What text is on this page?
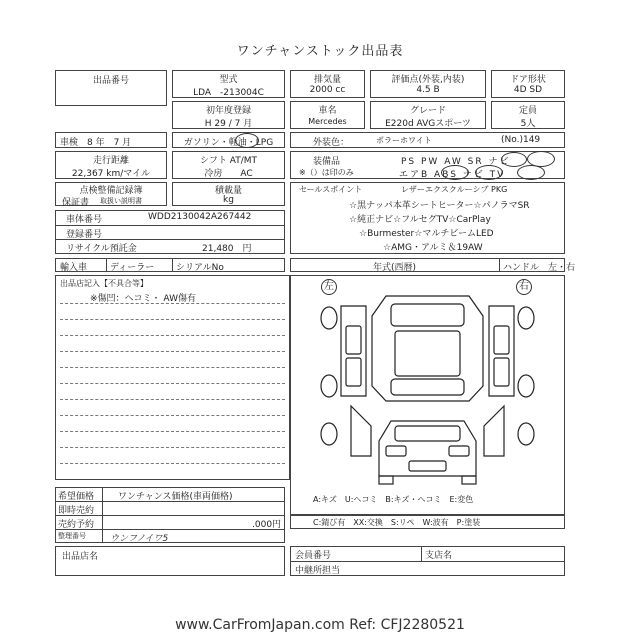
ワンチャンストック出品表
出品番号	型式
LDA　-213004C
排気量
2000 cc
評価点(外装,内装)
4.5 B
ドア形状
4D SD
初年度登録
H 29 / 7 月
車名
Mercedes
グレード
E220d AVGスポーツ
定員
5人
車検　8 年　7 月	ガソリン・軽油・LPG	外装色：	ポラーホワイト	(No.)149
走行距離
22,367 km/マイル
シフト AT/MT
冷房　　AC
装備品
※（）は印のみ
PS PW AW SR ナビ
エアB ABS ナビ TV
点検整備記録簿
保証書 取扱い説明書
積載量
kg
セールスポイント	レザーエクスクルーシブ PKG
☆黒ナッパ本革シートヒーター☆パノラマSR
☆純正ナビ☆フルセグTV☆CarPlay
☆Burmester☆マルチビームLED
☆AMG・アルミ＆19AW
車体番号	WDD2130042A267442
登録番号
リサイクル預託金	21,480　円
輸入車	ディーラー シリアルNo	年式(西暦)	ハンドル　左・右
出品店記入【不具合等】
※傷凹：ヘコミ・ AW傷有
左	右
A:キズ　U:ヘコミ　B:キズ・ヘコミ　E:変色
C:錆び有　XX:交換　S:リペ　W:波有　P:塗装
希望価格	ワンチャンス価格(車両価格)
即時売約
売約予約	.000円
整理番号	ウンフノイワ5
出品店名	会員番号	支店名
中継所担当
www.CarFromJapan.com Ref: CFJ2280521
